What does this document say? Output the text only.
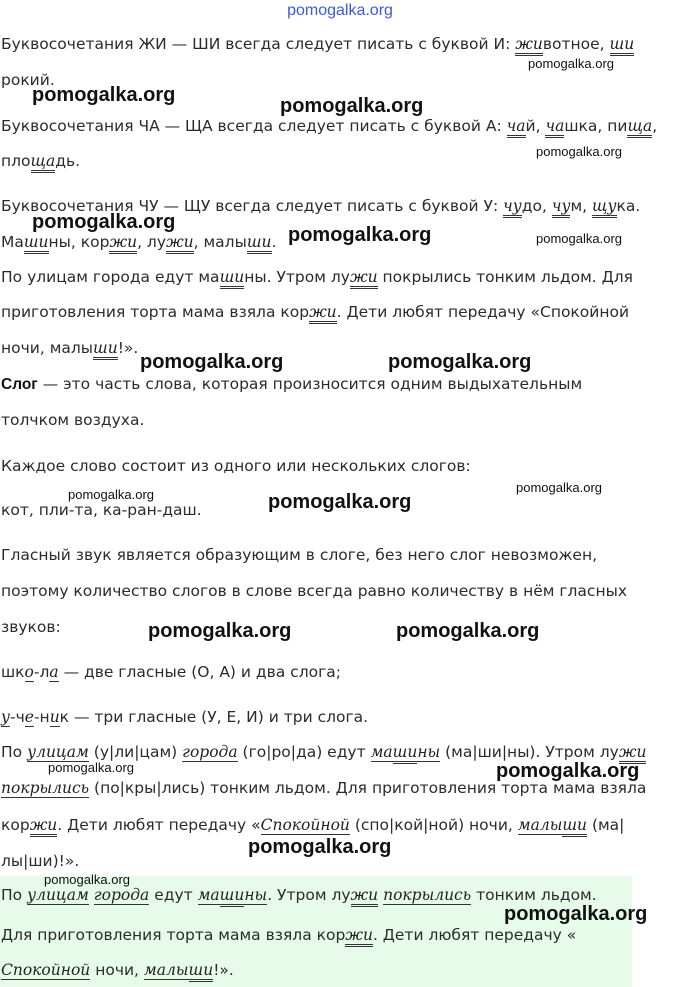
pomogalka.org
Буквосочетания ЖИ — ШИ всегда следует писать с буквой И: животное, ши
рокий.
Буквосочетания ЧА — ЩА всегда следует писать с буквой А: чай, чашка, пища,
площадь.
Буквосочетания ЧУ — ЩУ всегда следует писать с буквой У: чудо, чум, щука.
Машины, коржи, лужи, малыши.
По улицам города едут машины. Утром лужи покрылись тонким льдом. Для
приготовления торта мама взяла коржи. Дети любят передачу «Спокойной
ночи, малыши!».
Слог — это часть слова, которая произносится одним выдыхательным
толчком воздуха.
Каждое слово состоит из одного или нескольких слогов:
кот, пли-та, ка-ран-даш.
Гласный звук является образующим в слоге, без него слог невозможен,
поэтому количество слогов в слове всегда равно количеству в нём гласных
звуков:
шко-ла — две гласные (О, А) и два слога;
у-че-ник — три гласные (У, Е, И) и три слога.
По улицам (у|ли|цам) города (го|ро|да) едут машины (ма|ши|ны). Утром лужи
покрылись (по|кры|лись) тонким льдом. Для приготовления торта мама взяла
коржи. Дети любят передачу «Спокойной (спо|кой|ной) ночи, малыши (ма|
лы|ши)!».
По улицам города едут машины. Утром лужи покрылись тонким льдом.
Для приготовления торта мама взяла коржи. Дети любят передачу «
Спокойной ночи, малыши!».
pomogalka.org
pomogalka.org	pomogalka.org
pomogalka.org
pomogalka.org
pomogalka.org	pomogalka.org
pomogalka.org	pomogalka.org
pomogalka.org
pomogalka.org	pomogalka.org
pomogalka.org	pomogalka.org
pomogalka.org	pomogalka.org
pomogalka.org
pomogalka.org
pomogalka.org
